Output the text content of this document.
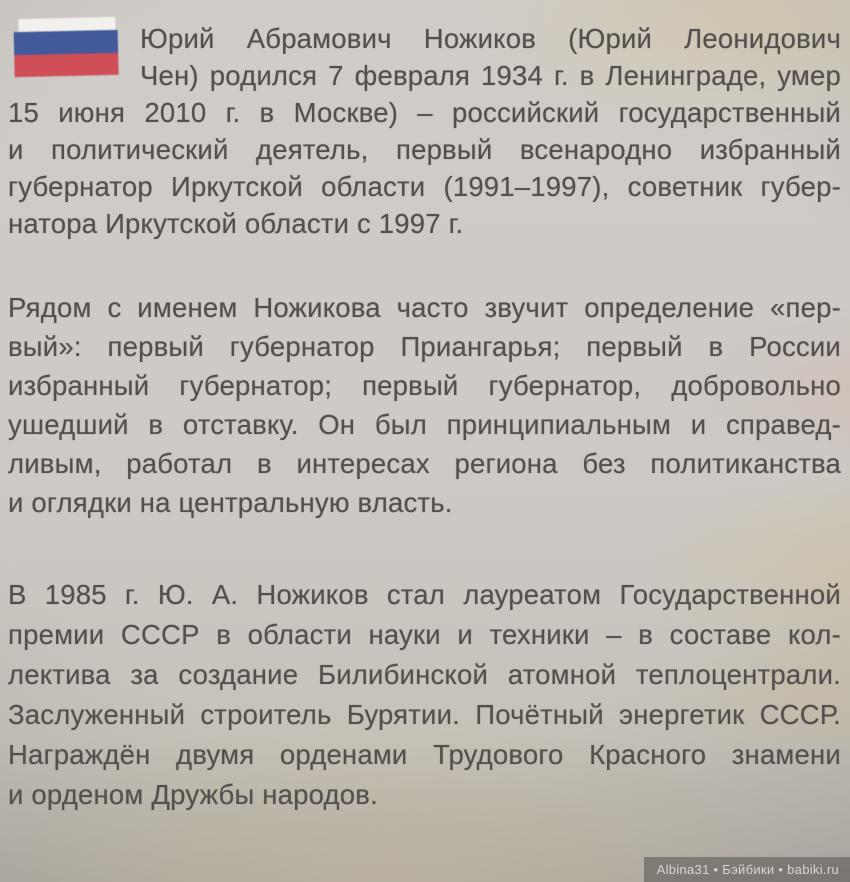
Юрий Абрамович Ножиков (Юрий Леонидович
Чен) родился 7 февраля 1934 г. в Ленинграде, умер
15 июня 2010 г. в Москве) – российский государственный
и политический деятель, первый всенародно избранный
губернатор Иркутской области (1991–1997), советник губер-
натора Иркутской области с 1997 г.
Рядом с именем Ножикова часто звучит определение «пер-
вый»: первый губернатор Приангарья; первый в России
избранный губернатор; первый губернатор, добровольно
ушедший в отставку. Он был принципиальным и справед-
ливым, работал в интересах региона без политиканства
и оглядки на центральную власть.
В 1985 г. Ю. А. Ножиков стал лауреатом Государственной
премии СССР в области науки и техники – в составе кол-
лектива за создание Билибинской атомной теплоцентрали.
Заслуженный строитель Бурятии. Почётный энергетик СССР.
Награждён двумя орденами Трудового Красного знамени
и орденом Дружбы народов.
Albina31 • Бэйбики • babiki.ru
